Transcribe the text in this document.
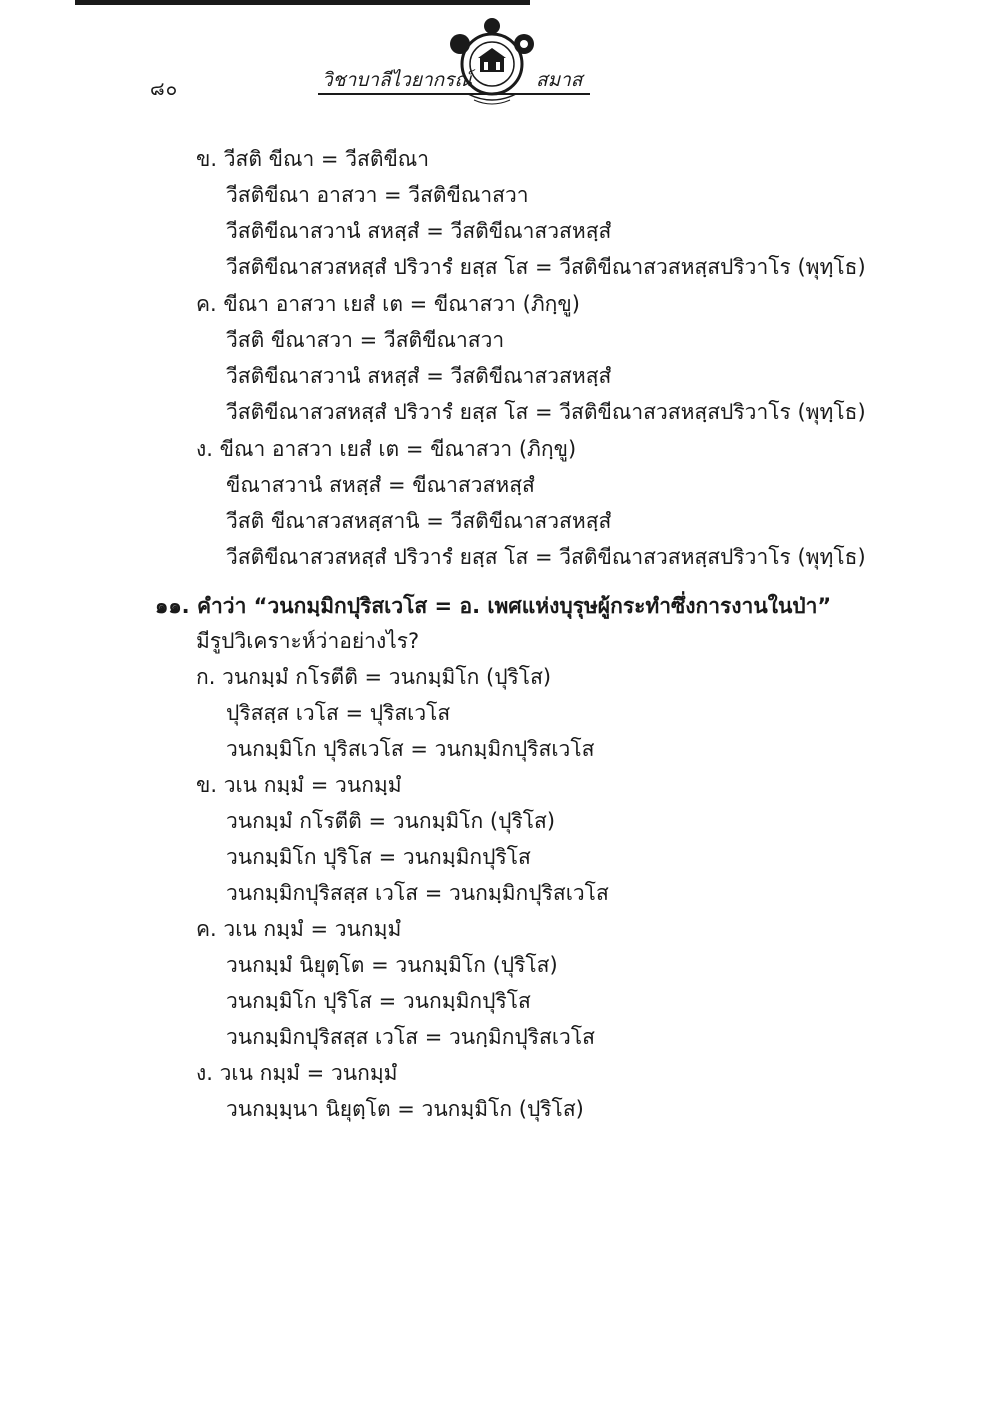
๘๐	วิชาบาลีไวยากรณ์	สมาส
ข. วีสติ ขีณา = วีสติขีณา
วีสติขีณา อาสวา = วีสติขีณาสวา
วีสติขีณาสวานํ สหสฺสํ = วีสติขีณาสวสหสฺสํ
วีสติขีณาสวสหสฺสํ ปริวารํ ยสฺส โส = วีสติขีณาสวสหสฺสปริวาโร (พุทฺโธ)
ค. ขีณา อาสวา เยสํ เต = ขีณาสวา (ภิกฺขู)
วีสติ ขีณาสวา = วีสติขีณาสวา
วีสติขีณาสวานํ สหสฺสํ = วีสติขีณาสวสหสฺสํ
วีสติขีณาสวสหสฺสํ ปริวารํ ยสฺส โส = วีสติขีณาสวสหสฺสปริวาโร (พุทฺโธ)
ง. ขีณา อาสวา เยสํ เต = ขีณาสวา (ภิกฺขู)
ขีณาสวานํ สหสฺสํ = ขีณาสวสหสฺสํ
วีสติ ขีณาสวสหสฺสานิ = วีสติขีณาสวสหสฺสํ
วีสติขีณาสวสหสฺสํ ปริวารํ ยสฺส โส = วีสติขีณาสวสหสฺสปริวาโร (พุทฺโธ)
๑๑. คำว่า “วนกมฺมิกปุริสเวโส = อ. เพศแห่งบุรุษผู้กระทำซึ่งการงานในป่า”
มีรูปวิเคราะห์ว่าอย่างไร?
ก. วนกมฺมํ กโรตีติ = วนกมฺมิโก (ปุริโส)
ปุริสสฺส เวโส = ปุริสเวโส
วนกมฺมิโก ปุริสเวโส = วนกมฺมิกปุริสเวโส
ข. วเน กมฺมํ = วนกมฺมํ
วนกมฺมํ กโรตีติ = วนกมฺมิโก (ปุริโส)
วนกมฺมิโก ปุริโส = วนกมฺมิกปุริโส
วนกมฺมิกปุริสสฺส เวโส = วนกมฺมิกปุริสเวโส
ค. วเน กมฺมํ = วนกมฺมํ
วนกมฺมํ นิยุตฺโต = วนกมฺมิโก (ปุริโส)
วนกมฺมิโก ปุริโส = วนกมฺมิกปุริโส
วนกมฺมิกปุริสสฺส เวโส = วนกฺมิกปุริสเวโส
ง. วเน กมฺมํ = วนกมฺมํ
วนกมฺมฺนา นิยุตฺโต = วนกมฺมิโก (ปุริโส)
